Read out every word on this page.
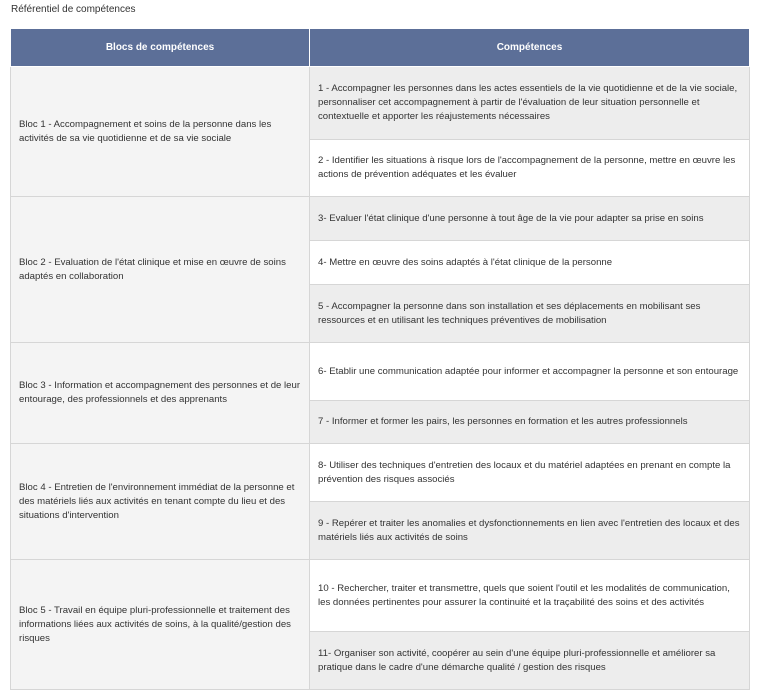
Référentiel de compétences
Blocs de compétences	Compétences
Bloc 1 - Accompagnement et soins de la personne dans les activités de sa vie quotidienne et de sa vie sociale	1 - Accompagner les personnes dans les actes essentiels de la vie quotidienne et de la vie sociale, personnaliser cet accompagnement à partir de l'évaluation de leur situation personnelle et contextuelle et apporter les réajustements nécessaires
	2 - Identifier les situations à risque lors de l'accompagnement de la personne, mettre en œuvre les actions de prévention adéquates et les évaluer
Bloc 2 - Evaluation de l'état clinique et mise en œuvre de soins adaptés en collaboration	3- Evaluer l'état clinique d'une personne à tout âge de la vie pour adapter sa prise en soins
	4- Mettre en œuvre des soins adaptés à l'état clinique de la personne
	5 - Accompagner la personne dans son installation et ses déplacements en mobilisant ses ressources et en utilisant les techniques préventives de mobilisation
Bloc 3 - Information et accompagnement des personnes et de leur entourage, des professionnels et des apprenants	6- Etablir une communication adaptée pour informer et accompagner la personne et son entourage
	7 - Informer et former les pairs, les personnes en formation et les autres professionnels
Bloc 4 - Entretien de l'environnement immédiat de la personne et des matériels liés aux activités en tenant compte du lieu et des situations d'intervention	8- Utiliser des techniques d'entretien des locaux et du matériel adaptées en prenant en compte la prévention des risques associés
	9 - Repérer et traiter les anomalies et dysfonctionnements en lien avec l'entretien des locaux et des matériels liés aux activités de soins
Bloc 5 - Travail en équipe pluri-professionnelle et traitement des informations liées aux activités de soins, à la qualité/gestion des risques	10 - Rechercher, traiter et transmettre, quels que soient l'outil et les modalités de communication, les données pertinentes pour assurer la continuité et la traçabilité des soins et des activités
	11- Organiser son activité, coopérer au sein d'une équipe pluri-professionnelle et améliorer sa pratique dans le cadre d'une démarche qualité / gestion des risques
